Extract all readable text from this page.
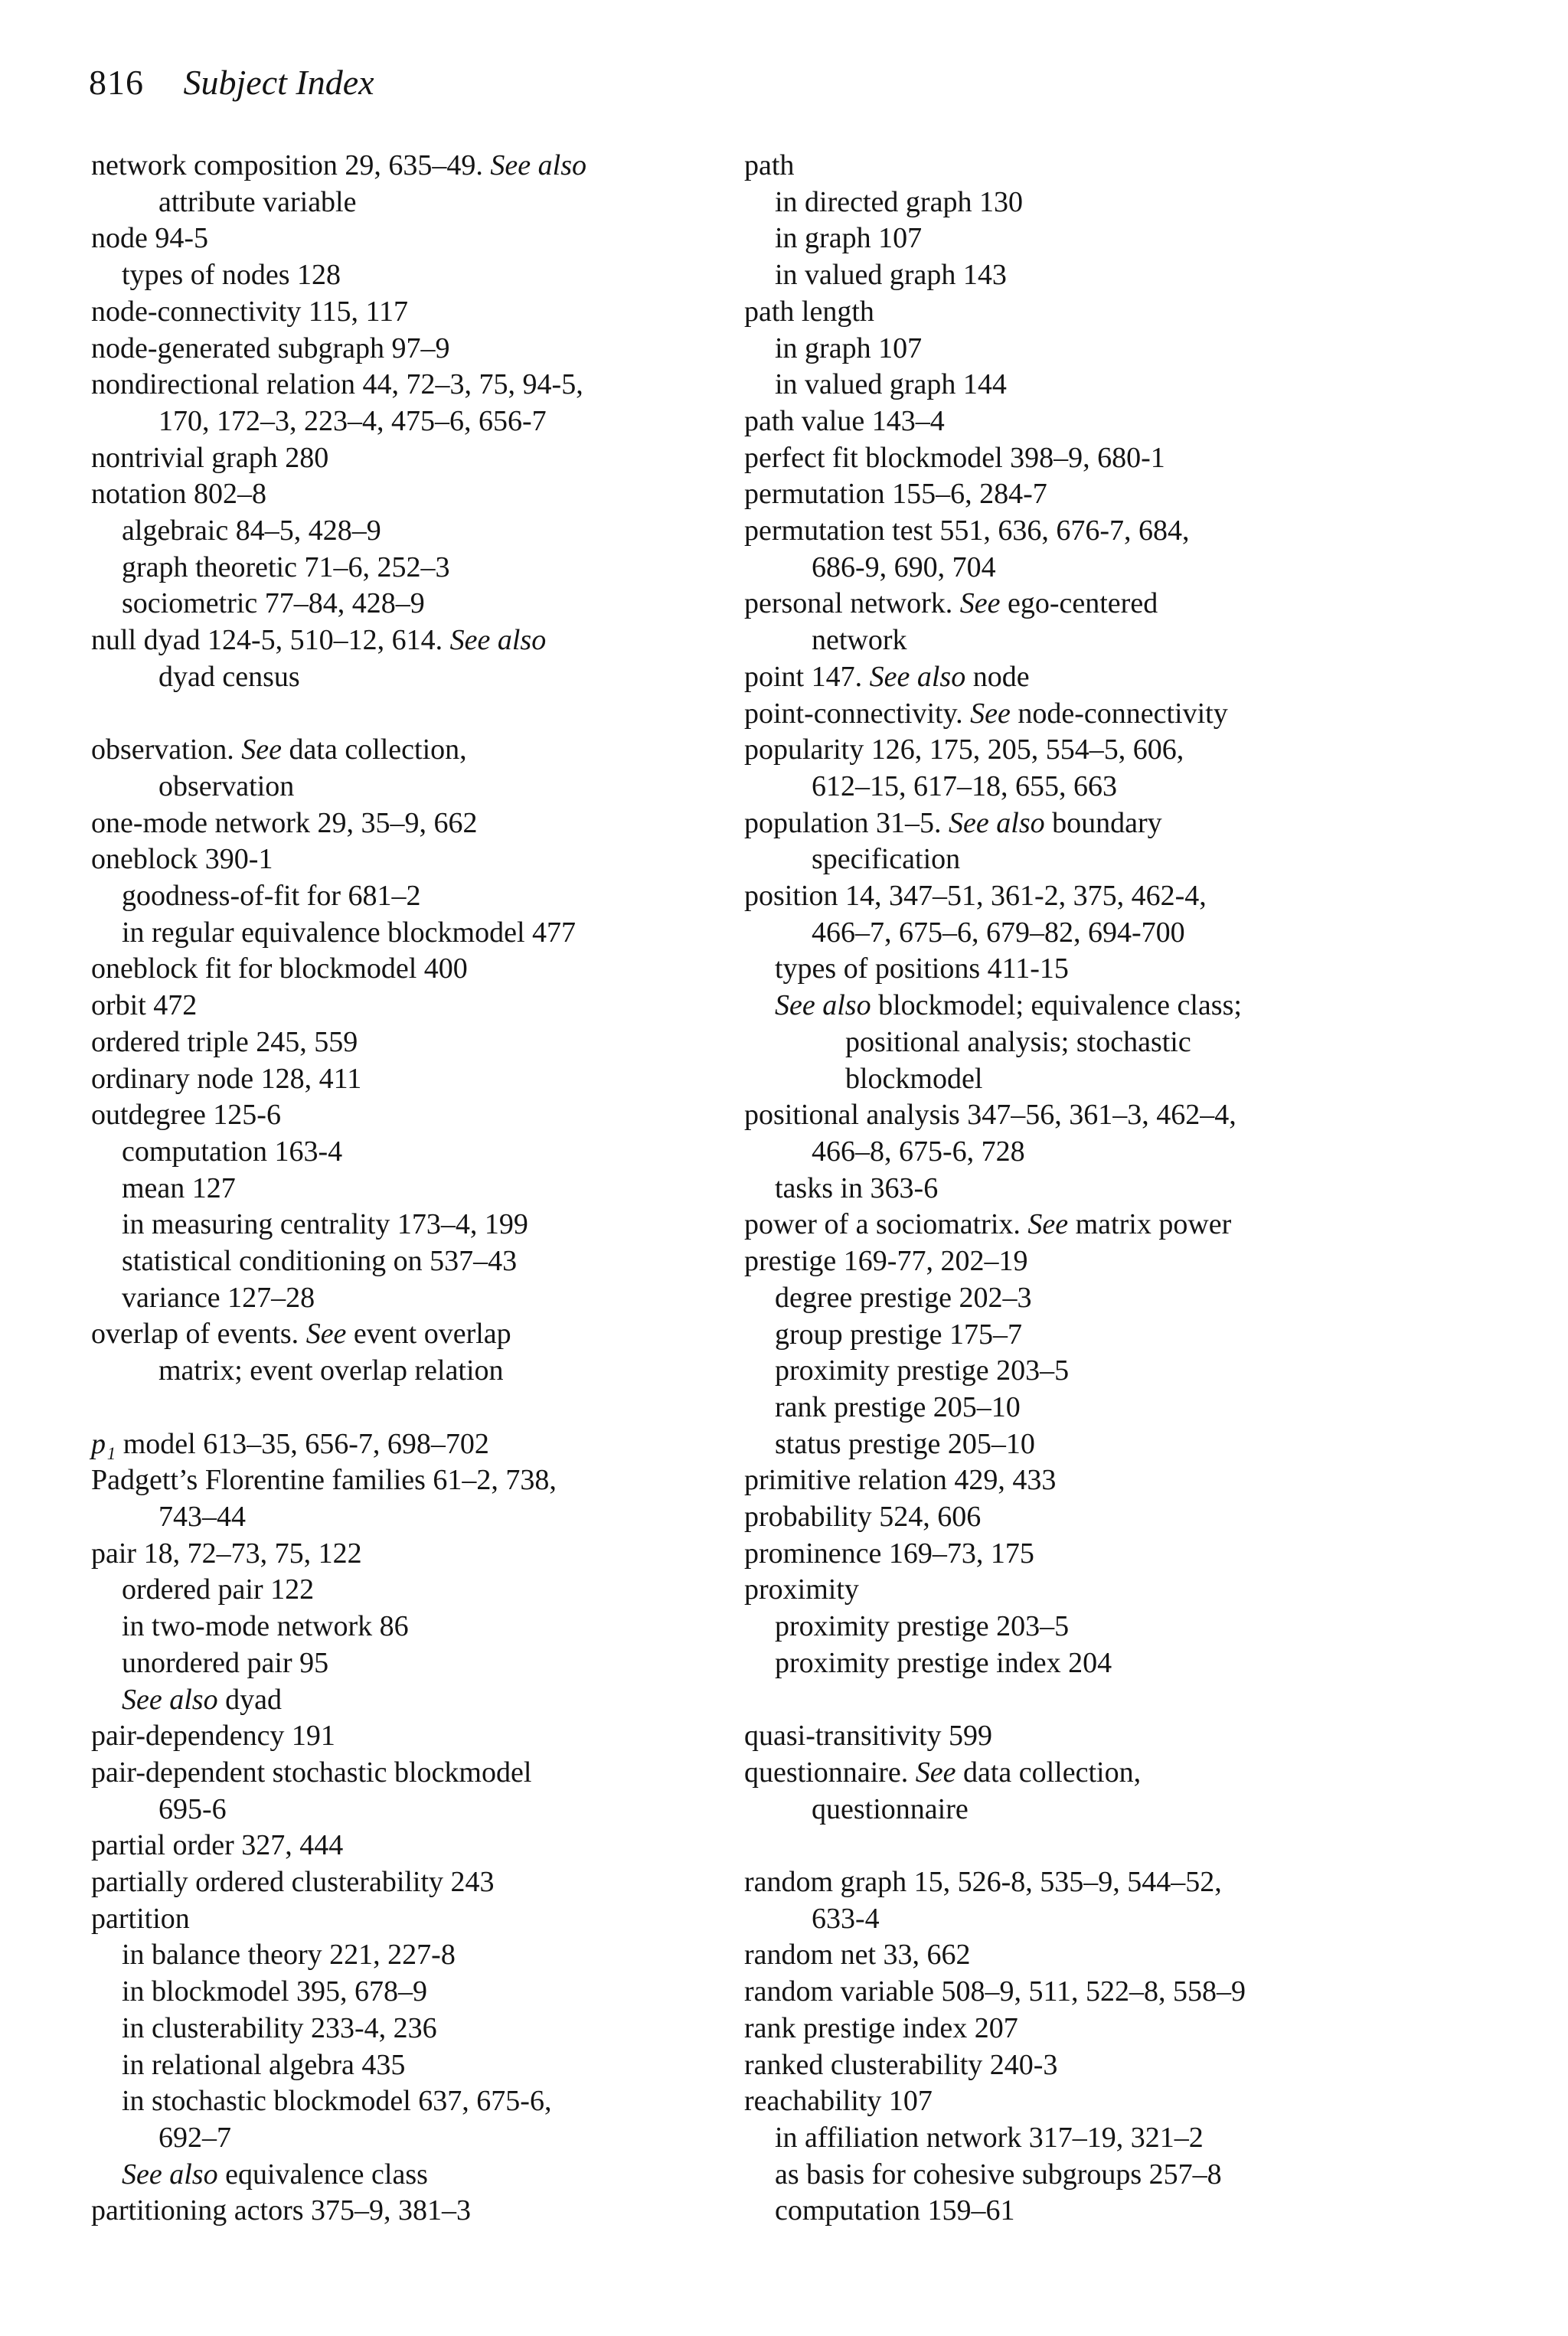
816 Subject Index
network composition 29, 635–49. See also
attribute variable
node 94-5
types of nodes 128
node-connectivity 115, 117
node-generated subgraph 97–9
nondirectional relation 44, 72–3, 75, 94-5,
170, 172–3, 223–4, 475–6, 656-7
nontrivial graph 280
notation 802–8
algebraic 84–5, 428–9
graph theoretic 71–6, 252–3
sociometric 77–84, 428–9
null dyad 124-5, 510–12, 614. See also
dyad census
observation. See data collection,
observation
one-mode network 29, 35–9, 662
oneblock 390-1
goodness-of-fit for 681–2
in regular equivalence blockmodel 477
oneblock fit for blockmodel 400
orbit 472
ordered triple 245, 559
ordinary node 128, 411
outdegree 125-6
computation 163-4
mean 127
in measuring centrality 173–4, 199
statistical conditioning on 537–43
variance 127–28
overlap of events. See event overlap
matrix; event overlap relation
p₁ model 613–35, 656-7, 698–702
Padgett’s Florentine families 61–2, 738,
743–44
pair 18, 72–73, 75, 122
ordered pair 122
in two-mode network 86
unordered pair 95
See also dyad
pair-dependency 191
pair-dependent stochastic blockmodel
695-6
partial order 327, 444
partially ordered clusterability 243
partition
in balance theory 221, 227-8
in blockmodel 395, 678–9
in clusterability 233-4, 236
in relational algebra 435
in stochastic blockmodel 637, 675-6,
692–7
See also equivalence class
partitioning actors 375–9, 381–3
path
in directed graph 130
in graph 107
in valued graph 143
path length
in graph 107
in valued graph 144
path value 143–4
perfect fit blockmodel 398–9, 680-1
permutation 155–6, 284-7
permutation test 551, 636, 676-7, 684,
686-9, 690, 704
personal network. See ego-centered
network
point 147. See also node
point-connectivity. See node-connectivity
popularity 126, 175, 205, 554–5, 606,
612–15, 617–18, 655, 663
population 31–5. See also boundary
specification
position 14, 347–51, 361-2, 375, 462-4,
466–7, 675–6, 679–82, 694-700
types of positions 411-15
See also blockmodel; equivalence class;
positional analysis; stochastic
blockmodel
positional analysis 347–56, 361–3, 462–4,
466–8, 675-6, 728
tasks in 363-6
power of a sociomatrix. See matrix power
prestige 169-77, 202–19
degree prestige 202–3
group prestige 175–7
proximity prestige 203–5
rank prestige 205–10
status prestige 205–10
primitive relation 429, 433
probability 524, 606
prominence 169–73, 175
proximity
proximity prestige 203–5
proximity prestige index 204
quasi-transitivity 599
questionnaire. See data collection,
questionnaire
random graph 15, 526-8, 535–9, 544–52,
633-4
random net 33, 662
random variable 508–9, 511, 522–8, 558–9
rank prestige index 207
ranked clusterability 240-3
reachability 107
in affiliation network 317–19, 321–2
as basis for cohesive subgroups 257–8
computation 159–61
